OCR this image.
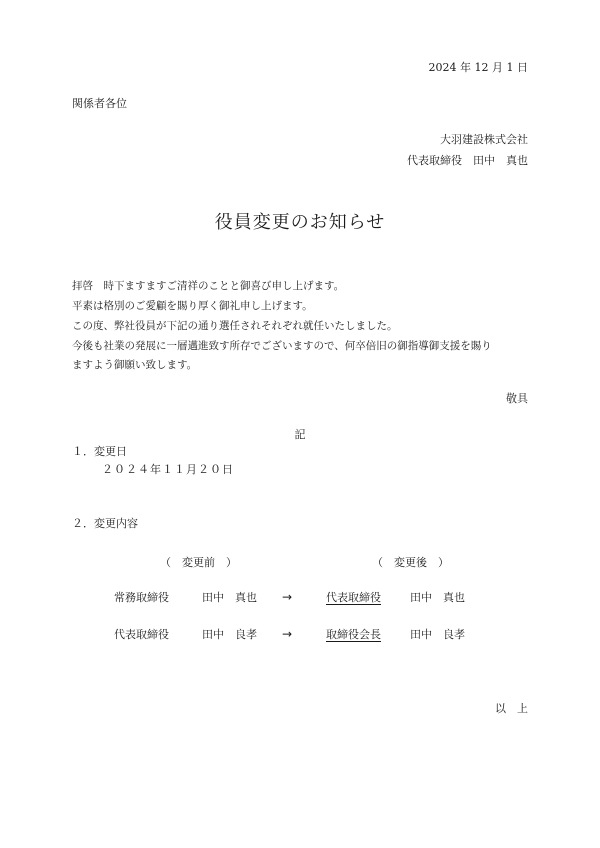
2024 年 12 月 1 日
関係者各位
大羽建設株式会社
代表取締役　田中　真也
役員変更のお知らせ
拝啓　時下ますますご清祥のことと御喜び申し上げます。
平素は格別のご愛顧を賜り厚く御礼申し上げます。
この度、弊社役員が下記の通り選任されそれぞれ就任いたしました。
今後も社業の発展に一層邁進致す所存でございますので、何卒倍旧の御指導御支援を賜り
ますよう御願い致します。
敬具
記
１．変更日
２０２４年１１月２０日
２．変更内容
（　変更前　）	（　変更後　）
常務取締役	田中　真也 →	代表取締役	田中　真也
代表取締役	田中　良孝 →	取締役会長	田中　良孝
以　上
